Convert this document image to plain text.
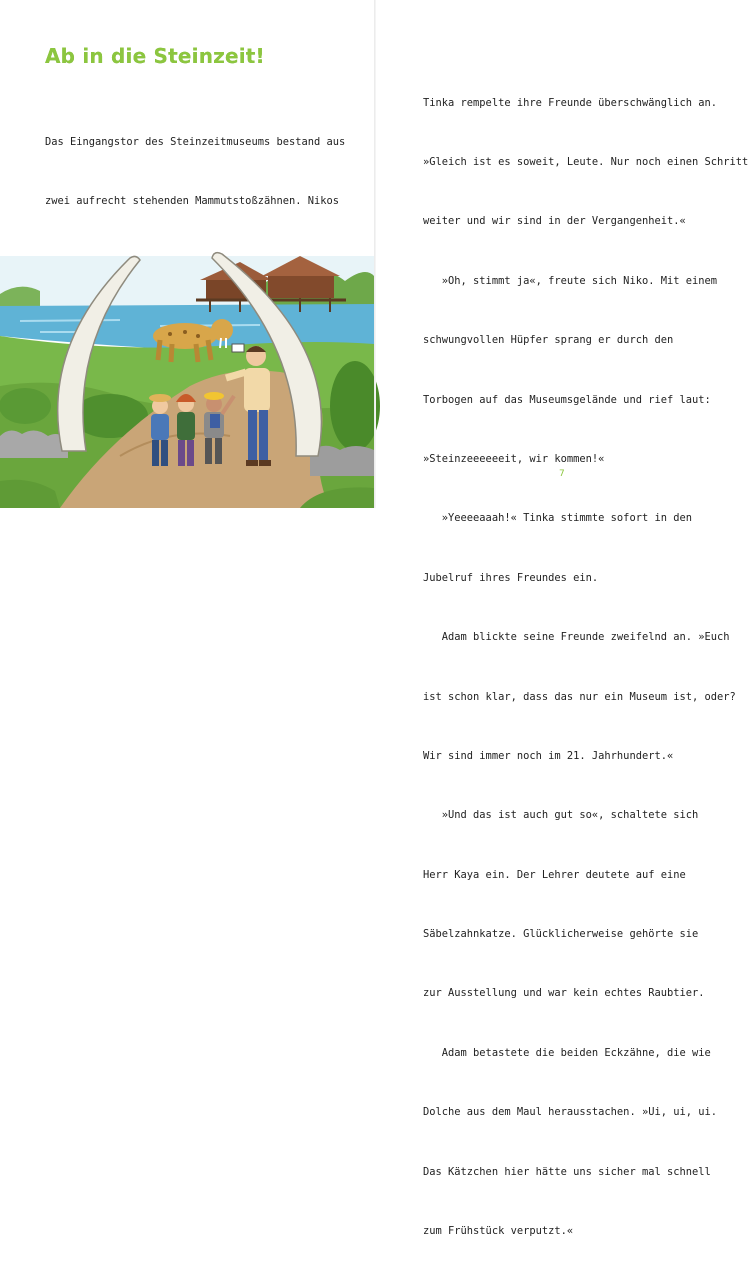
Ab in die Steinzeit!

Das Eingangstor des Steinzeitmuseums bestand aus

zwei aufrecht stehenden Mammutstoßzähnen. Nikos

Tinka rempelte ihre Freunde überschwänglich an.

»Gleich ist es soweit, Leute. Nur noch einen Schritt

weiter und wir sind in der Vergangenheit.«

»Oh, stimmt ja«, freute sich Niko. Mit einem

schwungvollen Hüpfer sprang er durch den

Torbogen auf das Museumsgelände und rief laut:

»Steinzeeeeeeit, wir kommen!«

»Yeeeeaaah!« Tinka stimmte sofort in den

Jubelruf ihres Freundes ein.

Adam blickte seine Freunde zweifelnd an. »Euch

ist schon klar, dass das nur ein Museum ist, oder?

Wir sind immer noch im 21. Jahrhundert.«

»Und das ist auch gut so«, schaltete sich

Herr Kaya ein. Der Lehrer deutete auf eine

Säbelzahnkatze. Glücklicherweise gehörte sie

zur Ausstellung und war kein echtes Raubtier.

Adam betastete die beiden Eckzähne, die wie

Dolche aus dem Maul herausstachen. »Ui, ui, ui.

Das Kätzchen hier hätte uns sicher mal schnell

zum Frühstück verputzt.«

7
